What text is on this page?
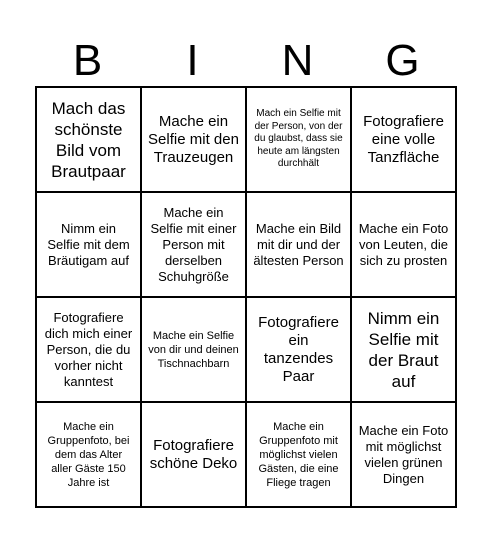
B	I	N	G
Mach das schönste Bild vom Brautpaar
Mache ein Selfie mit den Trauzeugen
Mach ein Selfie mit der Person, von der du glaubst, dass sie heute am längsten durchhält
Fotografiere eine volle Tanzfläche
Nimm ein Selfie mit dem Bräutigam auf
Mache ein Selfie mit einer Person mit derselben Schuhgröße
Mache ein Bild mit dir und der ältesten Person
Mache ein Foto von Leuten, die sich zu prosten
Fotografiere dich mich einer Person, die du vorher nicht kanntest
Mache ein Selfie von dir und deinen Tischnachbarn
Fotografiere ein tanzendes Paar
Nimm ein Selfie mit der Braut auf
Mache ein Gruppenfoto, bei dem das Alter aller Gäste 150 Jahre ist
Fotografiere schöne Deko
Mache ein Gruppenfoto mit möglichst vielen Gästen, die eine Fliege tragen
Mache ein Foto mit möglichst vielen grünen Dingen
